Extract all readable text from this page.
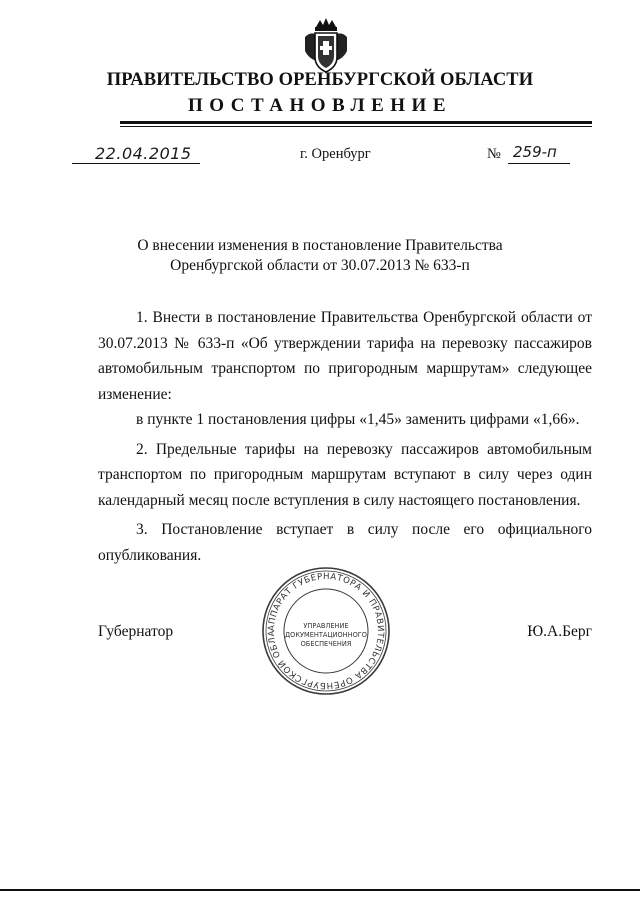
ПРАВИТЕЛЬСТВО ОРЕНБУРГСКОЙ ОБЛАСТИ
ПОСТАНОВЛЕНИЕ
22.04.2015	г. Оренбург	№ 259-п
О внесении изменения в постановление Правительства
Оренбургской области от 30.07.2013 № 633-п

1. Внести в постановление Правительства Оренбургской области от 30.07.2013 № 633-п «Об утверждении тарифа на перевозку пассажиров автомобильным транспортом по пригородным маршрутам» следующее изменение:

в пункте 1 постановления цифры «1,45» заменить цифрами «1,66».

2. Предельные тарифы на перевозку пассажиров автомобильным транспортом по пригородным маршрутам вступают в силу через один календарный месяц после вступления в силу настоящего постановления.

3. Постановление вступает в силу после его официального опубликования.

Губернатор	Ю.А.Берг
АППАРАТ ГУБЕРНАТОРА И ПРАВИТЕЛЬСТВА ОРЕНБУРГСКОЙ ОБЛА
УПРАВЛЕНИЕ
ДОКУМЕНТАЦИОННОГО
ОБЕСПЕЧЕНИЯ
